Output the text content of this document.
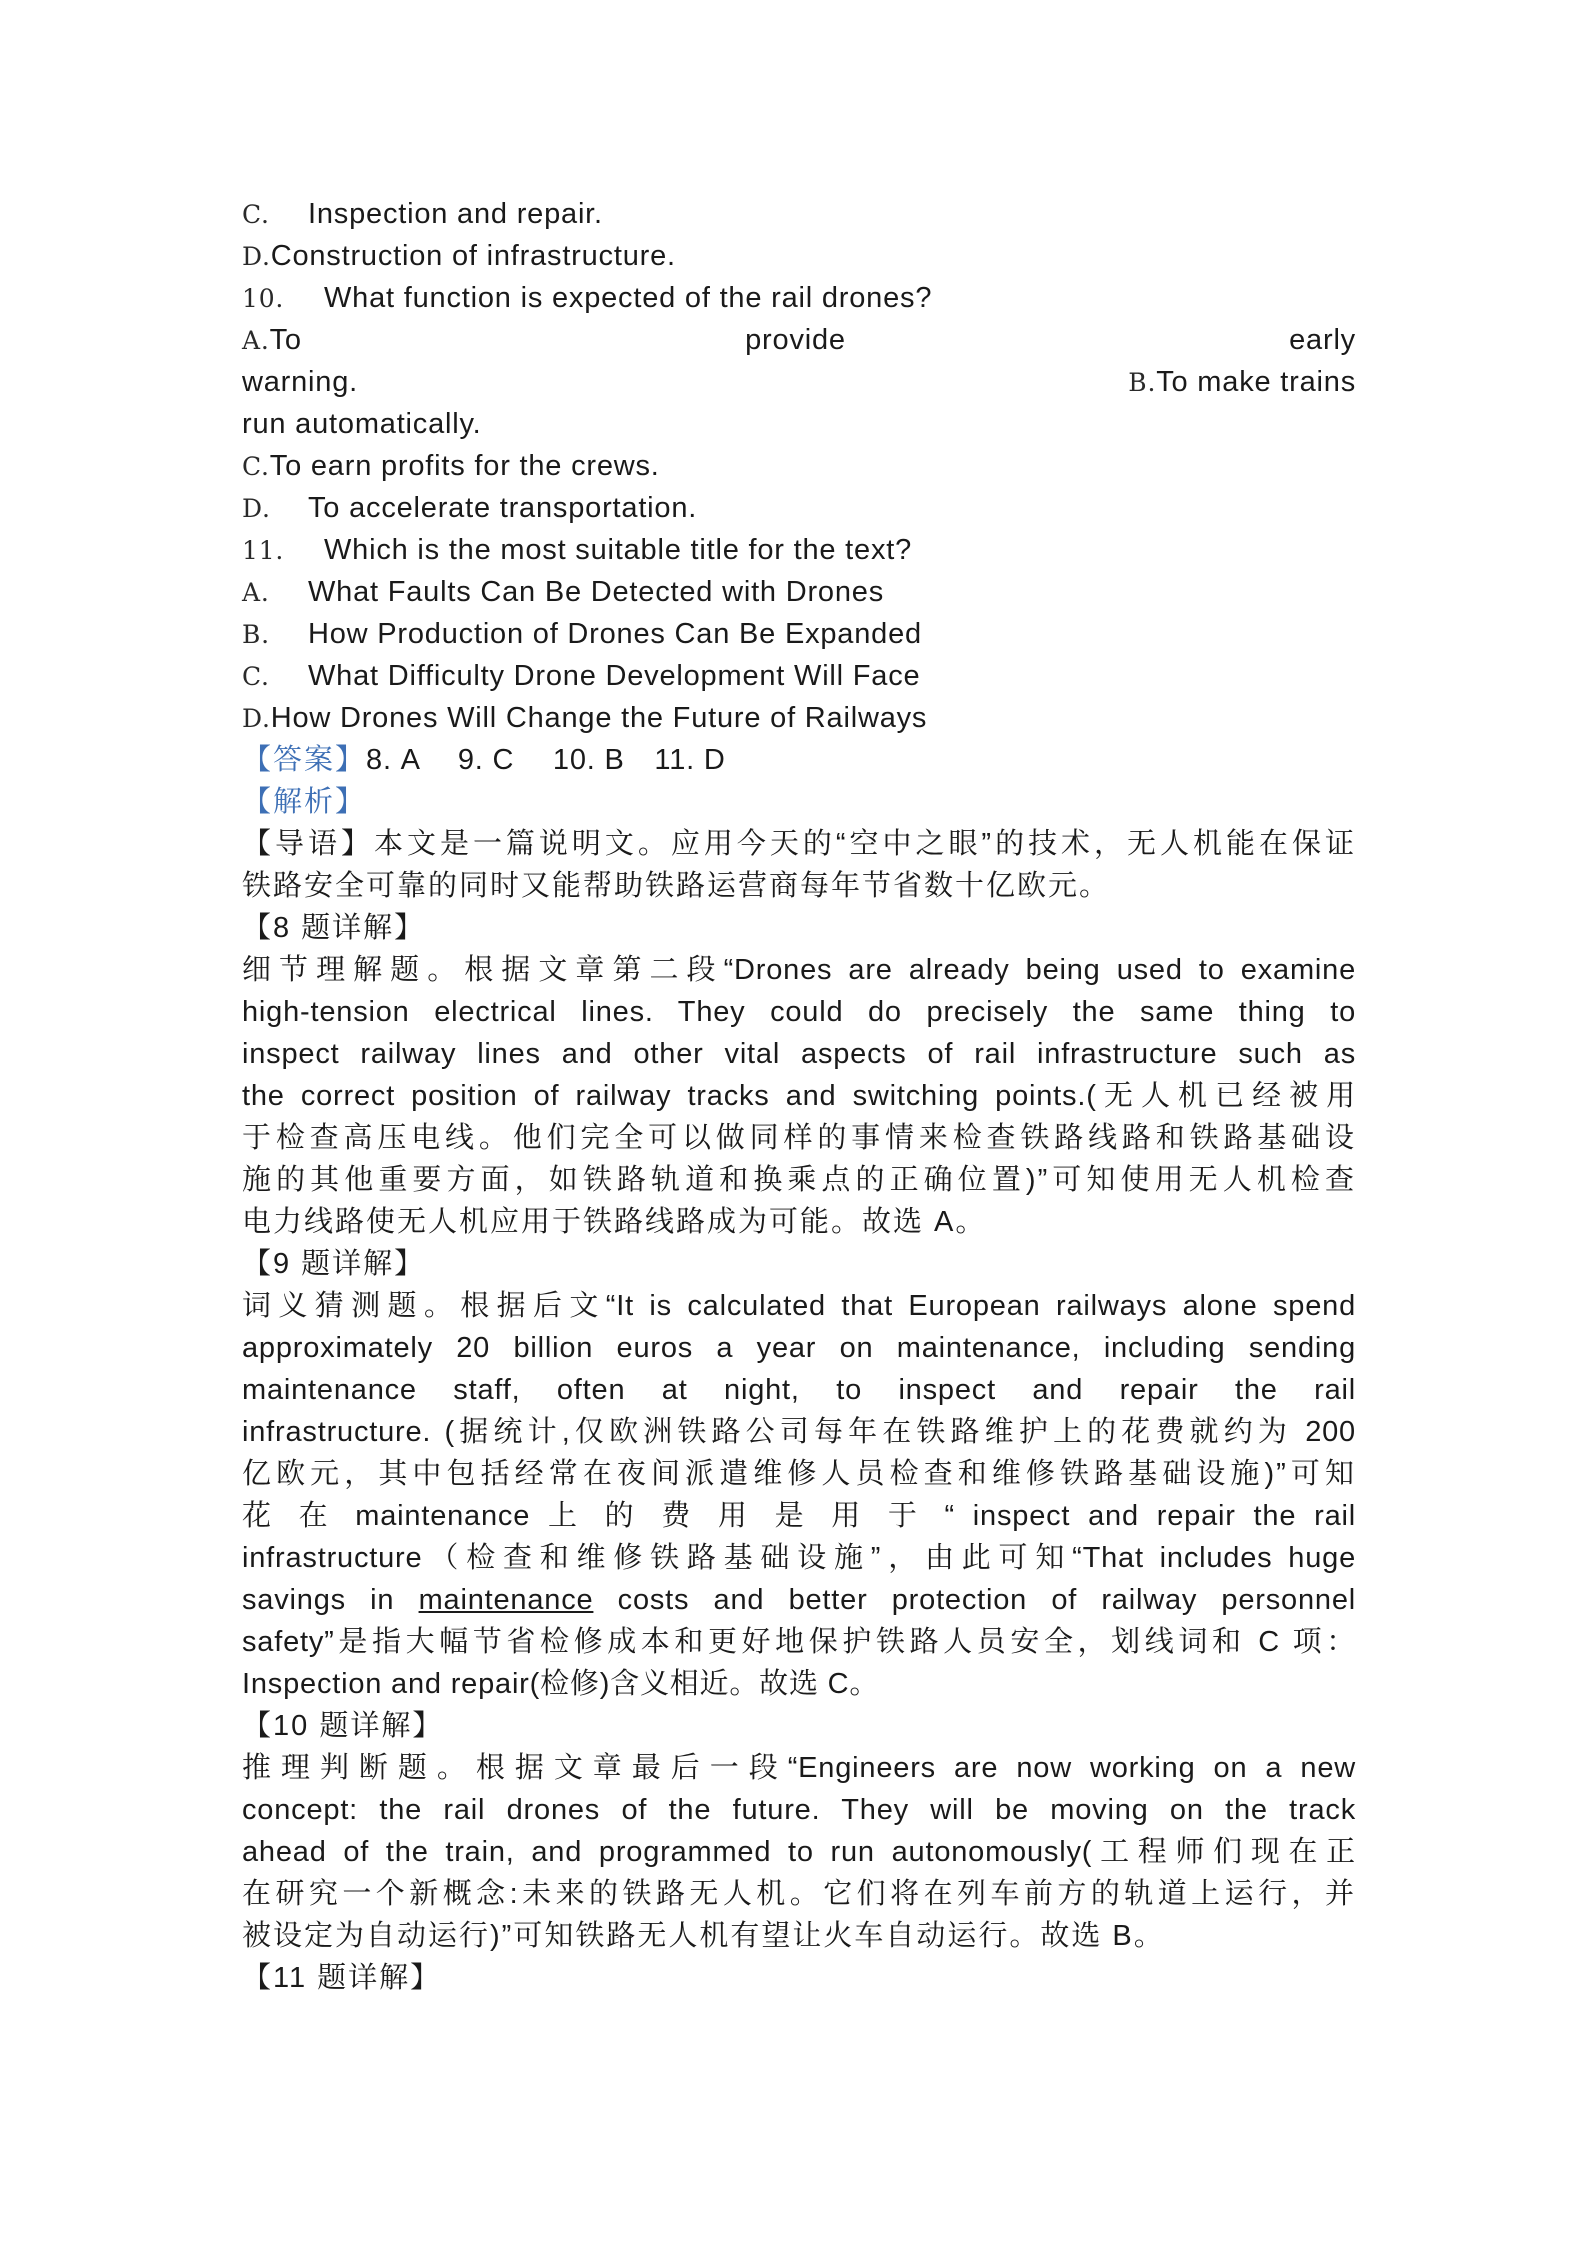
C. Inspection and repair.
D.Construction of infrastructure.
10. What function is expected of the rail drones?
A.To	provide	early
warning.	B.To make trains
run automatically.
C.To earn profits for the crews.
D. To accelerate transportation.
11. Which is the most suitable title for the text?
A. What Faults Can Be Detected with Drones
B. How Production of Drones Can Be Expanded
C. What Difficulty Drone Development Will Face
D.How Drones Will Change the Future of Railways
【答案】8. A　 9. C　 10. B　11. D
【解析】
【导语】本文是一篇说明文。应用今天的“空中之眼”的技术，无人机能在保证
铁路安全可靠的同时又能帮助铁路运营商每年节省数十亿欧元。
【8 题详解】
细节理解题。根据文章第二段“Drones are already being used to examine
high-tension electrical lines. They could do precisely the same thing to
inspect railway lines and other vital aspects of rail infrastructure such as
the correct position of railway tracks and switching points.(无人机已经被用
于检查高压电线。他们完全可以做同样的事情来检查铁路线路和铁路基础设
施的其他重要方面，如铁路轨道和换乘点的正确位置)”可知使用无人机检查
电力线路使无人机应用于铁路线路成为可能。故选 A。
【9 题详解】
词义猜测题。根据后文“It is calculated that European railways alone spend
approximately 20 billion euros a year on maintenance, including sending
maintenance staff, often at night, to inspect and repair the rail
infrastructure. (据统计,仅欧洲铁路公司每年在铁路维护上的花费就约为 200
亿欧元，其中包括经常在夜间派遣维修人员检查和维修铁路基础设施)”可知
花 在 maintenance 上 的 费 用 是 用 于 “ inspect and repair the rail
infrastructure（检查和维修铁路基础设施”，由此可知“That includes huge
savings in maintenance costs and better protection of railway personnel
safety”是指大幅节省检修成本和更好地保护铁路人员安全，划线词和 C 项：
Inspection and repair(检修)含义相近。故选 C。
【10 题详解】
推理判断题。根据文章最后一段“Engineers are now working on a new
concept: the rail drones of the future. They will be moving on the track
ahead of the train, and programmed to run autonomously(工程师们现在正
在研究一个新概念:未来的铁路无人机。它们将在列车前方的轨道上运行，并
被设定为自动运行)”可知铁路无人机有望让火车自动运行。故选 B。
【11 题详解】
